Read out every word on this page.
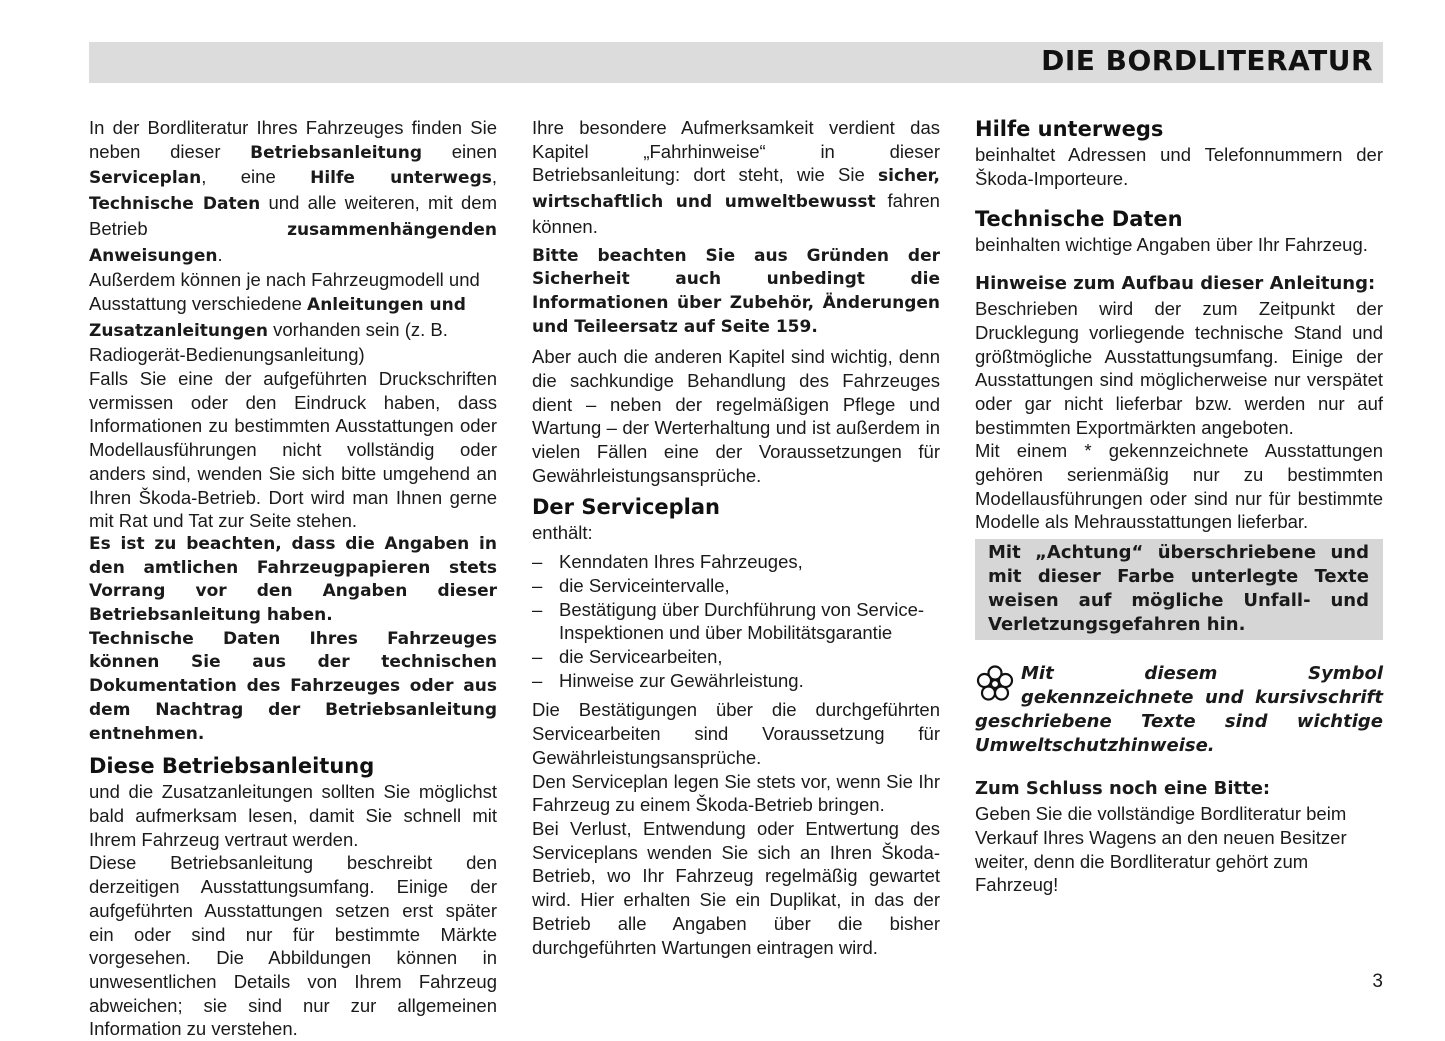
DIE BORDLITERATUR

In der Bordliteratur Ihres Fahrzeuges finden Sie neben dieser Betriebsanleitung einen Serviceplan, eine Hilfe unterwegs, Technische Daten und alle weiteren, mit dem Betrieb zusammenhängenden Anweisungen.

Außerdem können je nach Fahrzeugmodell und Ausstattung verschiedene Anleitungen und Zusatzanleitungen vorhanden sein (z. B. Radiogerät-Bedienungsanleitung)

Falls Sie eine der aufgeführten Druckschriften vermissen oder den Eindruck haben, dass Informationen zu bestimmten Ausstattungen oder Modellausführungen nicht vollständig oder anders sind, wenden Sie sich bitte umgehend an Ihren Škoda-Betrieb. Dort wird man Ihnen gerne mit Rat und Tat zur Seite stehen.

Es ist zu beachten, dass die Angaben in den amtlichen Fahrzeugpapieren stets Vorrang vor den Angaben dieser Betriebsanleitung haben.

Technische Daten Ihres Fahrzeuges können Sie aus der technischen Dokumentation des Fahrzeuges oder aus dem Nachtrag der Betriebsanleitung entnehmen.

Diese Betriebsanleitung

und die Zusatzanleitungen sollten Sie möglichst bald aufmerksam lesen, damit Sie schnell mit Ihrem Fahrzeug vertraut werden.

Diese Betriebsanleitung beschreibt den derzeitigen Ausstattungsumfang. Einige der aufgeführten Ausstattungen setzen erst später ein oder sind nur für bestimmte Märkte vorgesehen. Die Abbildungen können in unwesentlichen Details von Ihrem Fahrzeug abweichen; sie sind nur zur allgemeinen Information zu verstehen.

Ihre besondere Aufmerksamkeit verdient das Kapitel „Fahrhinweise“ in dieser Betriebsanleitung: dort steht, wie Sie sicher, wirtschaftlich und umweltbewusst fahren können.

Bitte beachten Sie aus Gründen der Sicherheit auch unbedingt die Informationen über Zubehör, Änderungen und Teileersatz auf Seite 159.

Aber auch die anderen Kapitel sind wichtig, denn die sachkundige Behandlung des Fahrzeuges dient – neben der regelmäßigen Pflege und Wartung – der Werterhaltung und ist außerdem in vielen Fällen eine der Voraussetzungen für Gewährleistungsansprüche.

Der Serviceplan

enthält:

– Kenndaten Ihres Fahrzeuges,
– die Serviceintervalle,
– Bestätigung über Durchführung von Service-Inspektionen und über Mobilitätsgarantie
– die Servicearbeiten,
– Hinweise zur Gewährleistung.

Die Bestätigungen über die durchgeführten Servicearbeiten sind Voraussetzung für Gewährleistungsansprüche.

Den Serviceplan legen Sie stets vor, wenn Sie Ihr Fahrzeug zu einem Škoda-Betrieb bringen.

Bei Verlust, Entwendung oder Entwertung des Serviceplans wenden Sie sich an Ihren Škoda-Betrieb, wo Ihr Fahrzeug regelmäßig gewartet wird. Hier erhalten Sie ein Duplikat, in das der Betrieb alle Angaben über die bisher durchgeführten Wartungen eintragen wird.

Hilfe unterwegs

beinhaltet Adressen und Telefonnummern der Škoda-Importeure.

Technische Daten

beinhalten wichtige Angaben über Ihr Fahrzeug.

Hinweise zum Aufbau dieser Anleitung:

Beschrieben wird der zum Zeitpunkt der Drucklegung vorliegende technische Stand und größtmögliche Ausstattungsumfang. Einige der Ausstattungen sind möglicherweise nur verspätet oder gar nicht lieferbar bzw. werden nur auf bestimmten Exportmärkten angeboten.

Mit einem * gekennzeichnete Ausstattungen gehören serienmäßig nur zu bestimmten Modellausführungen oder sind nur für bestimmte Modelle als Mehrausstattungen lieferbar.

Mit „Achtung“ überschriebene und mit dieser Farbe unterlegte Texte weisen auf mögliche Unfall- und Verletzungsgefahren hin.
Mit diesem Symbol gekennzeichnete und kursivschrift geschriebene Texte sind wichtige Umweltschutzhinweise.
Zum Schluss noch eine Bitte:

Geben Sie die vollständige Bordliteratur beim Verkauf Ihres Wagens an den neuen Besitzer weiter, denn die Bordliteratur gehört zum Fahrzeug!

3
